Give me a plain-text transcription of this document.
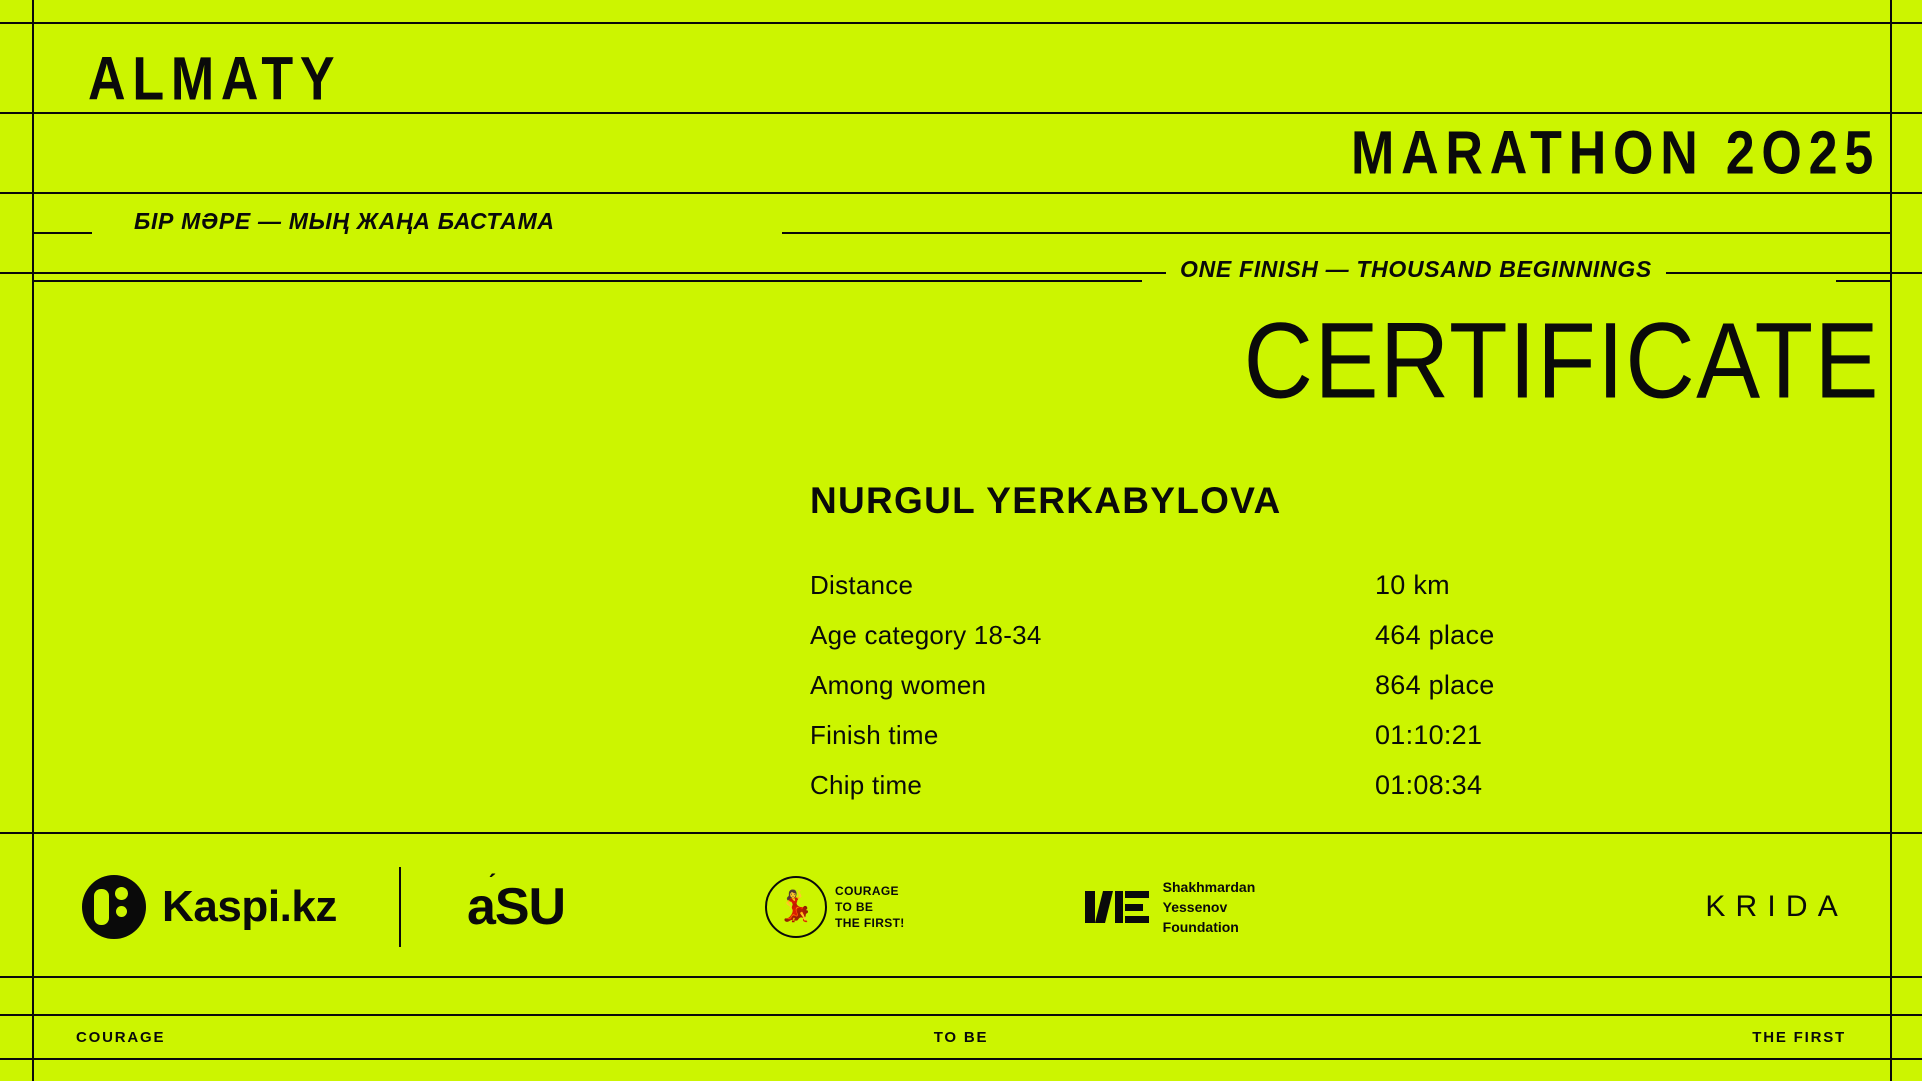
ALMATY
MARATHON 2O25
БІР МӘРЕ — МЫҢ ЖАҢА БАСТАМА
ONE FINISH — THOUSAND BEGINNINGS
CERTIFICATE
NURGUL YERKABYLOVA
Distance	10 km
Age category 18-34	464 place
Among women	864 place
Finish time	01:10:21
Chip time	01:08:34
Kaspi.kz	aSU	💃 COURAGE
TO BE
THE FIRST!
Shakhmardan
Yessenov
Foundation
KRIDA
COURAGE	TO BE	THE FIRST
